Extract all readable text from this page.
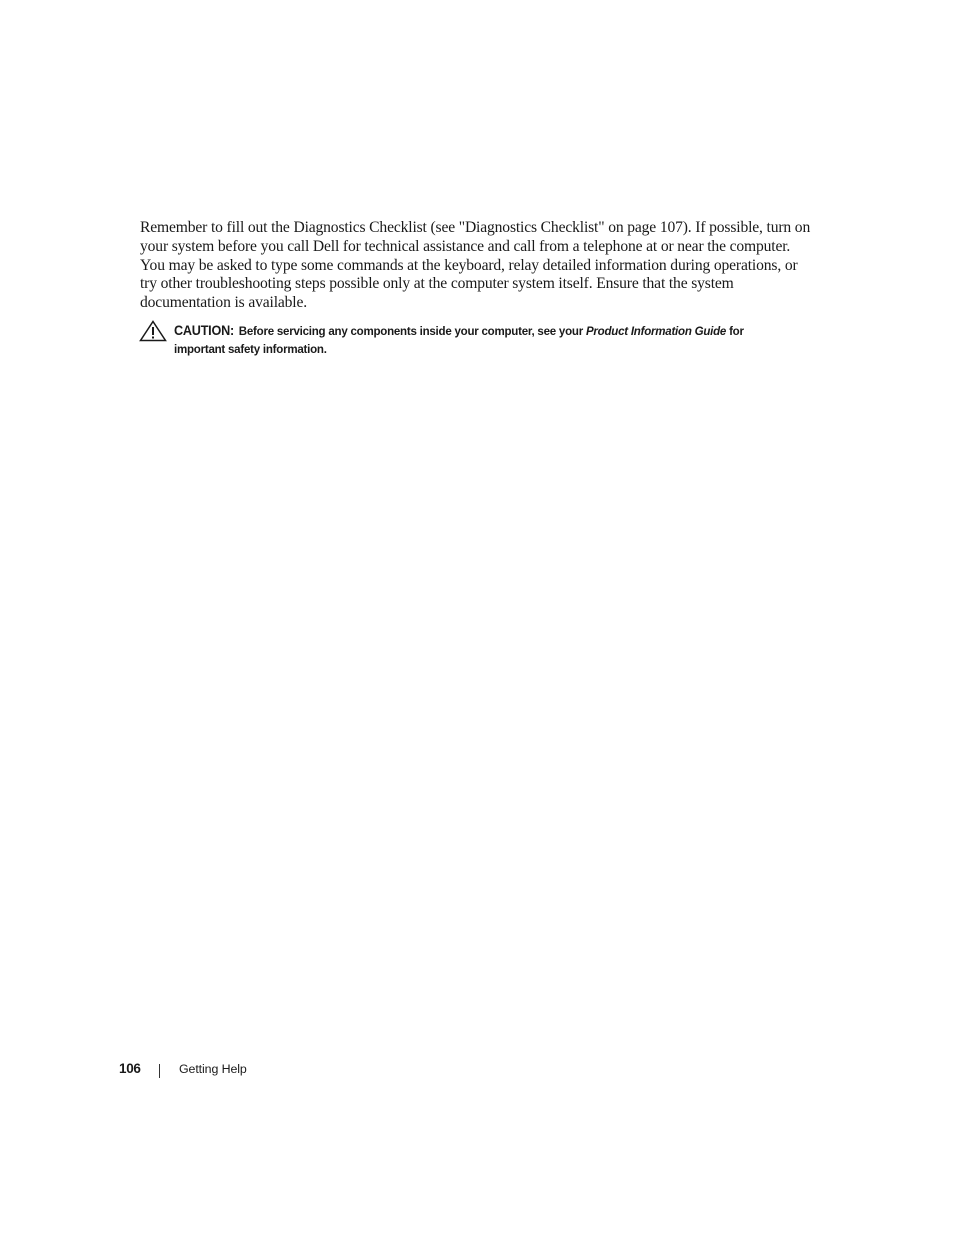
Remember to fill out the Diagnostics Checklist (see "Diagnostics Checklist" on page 107). If possible, turn on your system before you call Dell for technical assistance and call from a telephone at or near the computer. You may be asked to type some commands at the keyboard, relay detailed information during operations, or try other troubleshooting steps possible only at the computer system itself. Ensure that the system documentation is available.

CAUTION: Before servicing any components inside your computer, see your Product Information Guide for important safety information.
106	Getting Help
